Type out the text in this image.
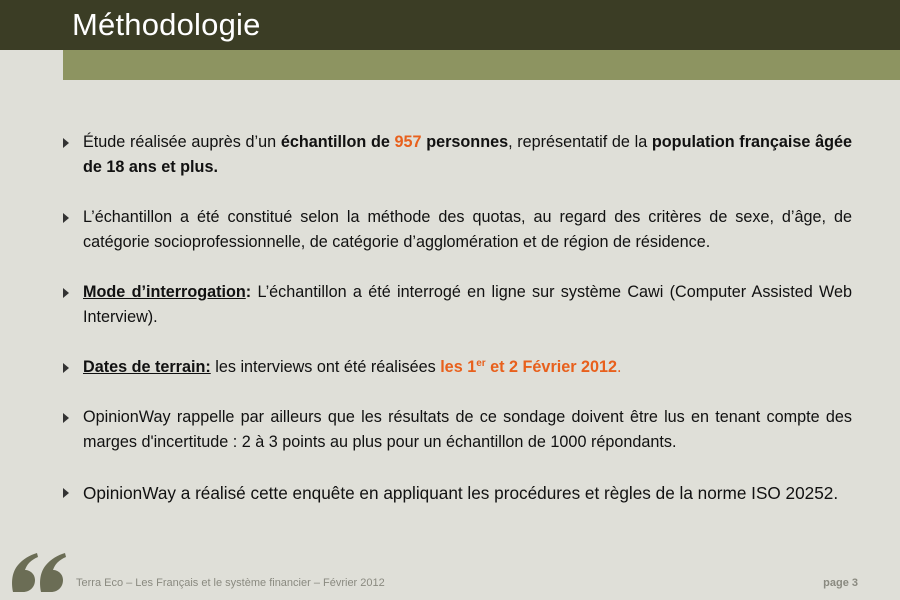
Méthodologie
Étude réalisée auprès d’un échantillon de 957 personnes, représentatif de la population française âgée de 18 ans et plus.
L’échantillon a été constitué selon la méthode des quotas, au regard des critères de sexe, d’âge, de catégorie socioprofessionnelle, de catégorie d’agglomération et de région de résidence.
Mode d’interrogation: L’échantillon a été interrogé en ligne sur système Cawi (Computer Assisted Web Interview).
Dates de terrain: les interviews ont été réalisées les 1er et 2 Février 2012.
OpinionWay rappelle par ailleurs que les résultats de ce sondage doivent être lus en tenant compte des marges d'incertitude : 2 à 3 points au plus pour un échantillon de 1000 répondants.
OpinionWay a réalisé cette enquête en appliquant les procédures et règles de la norme ISO 20252.
Terra Eco – Les Français et le système financier – Février 2012	page 3
